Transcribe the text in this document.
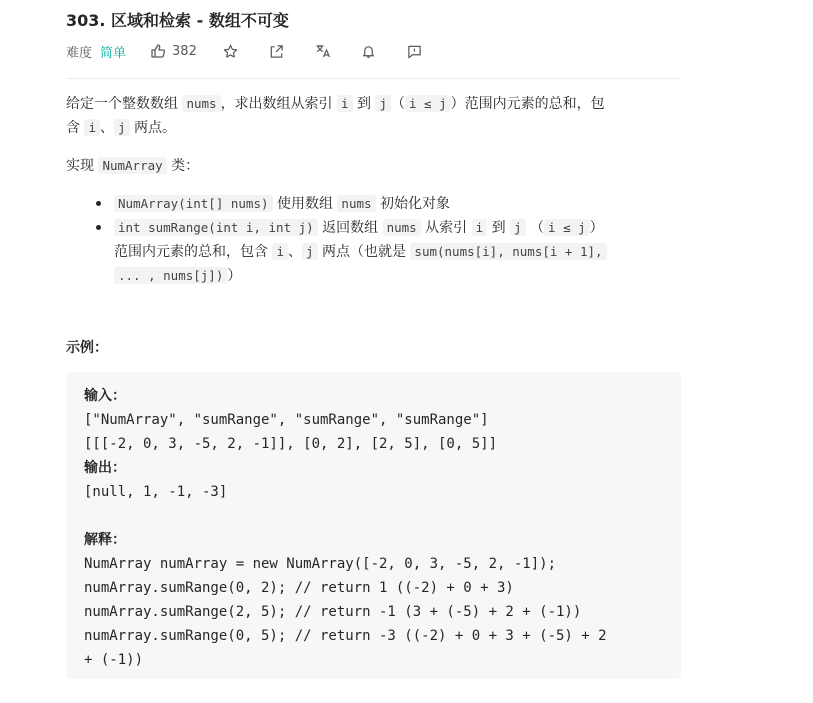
303. 区域和检索 - 数组不可变
难度 简单	382
给定一个整数数组 nums ，求出数组从索引 i 到 j （ i ≤ j ）范围内元素的总和，包
含 i 、 j 两点。
实现 NumArray 类：
NumArray(int[] nums) 使用数组 nums 初始化对象
int sumRange(int i, int j) 返回数组 nums 从索引 i 到 j （ i ≤ j ）
范围内元素的总和，包含 i 、 j 两点（也就是 sum(nums[i], nums[i + 1],
... , nums[j]) ）
示例：
输入：
["NumArray", "sumRange", "sumRange", "sumRange"]
[[[-2, 0, 3, -5, 2, -1]], [0, 2], [2, 5], [0, 5]]
输出：
[null, 1, -1, -3]
解释：
NumArray numArray = new NumArray([-2, 0, 3, -5, 2, -1]);
numArray.sumRange(0, 2); // return 1 ((-2) + 0 + 3)
numArray.sumRange(2, 5); // return -1 (3 + (-5) + 2 + (-1))
numArray.sumRange(0, 5); // return -3 ((-2) + 0 + 3 + (-5) + 2
+ (-1))
